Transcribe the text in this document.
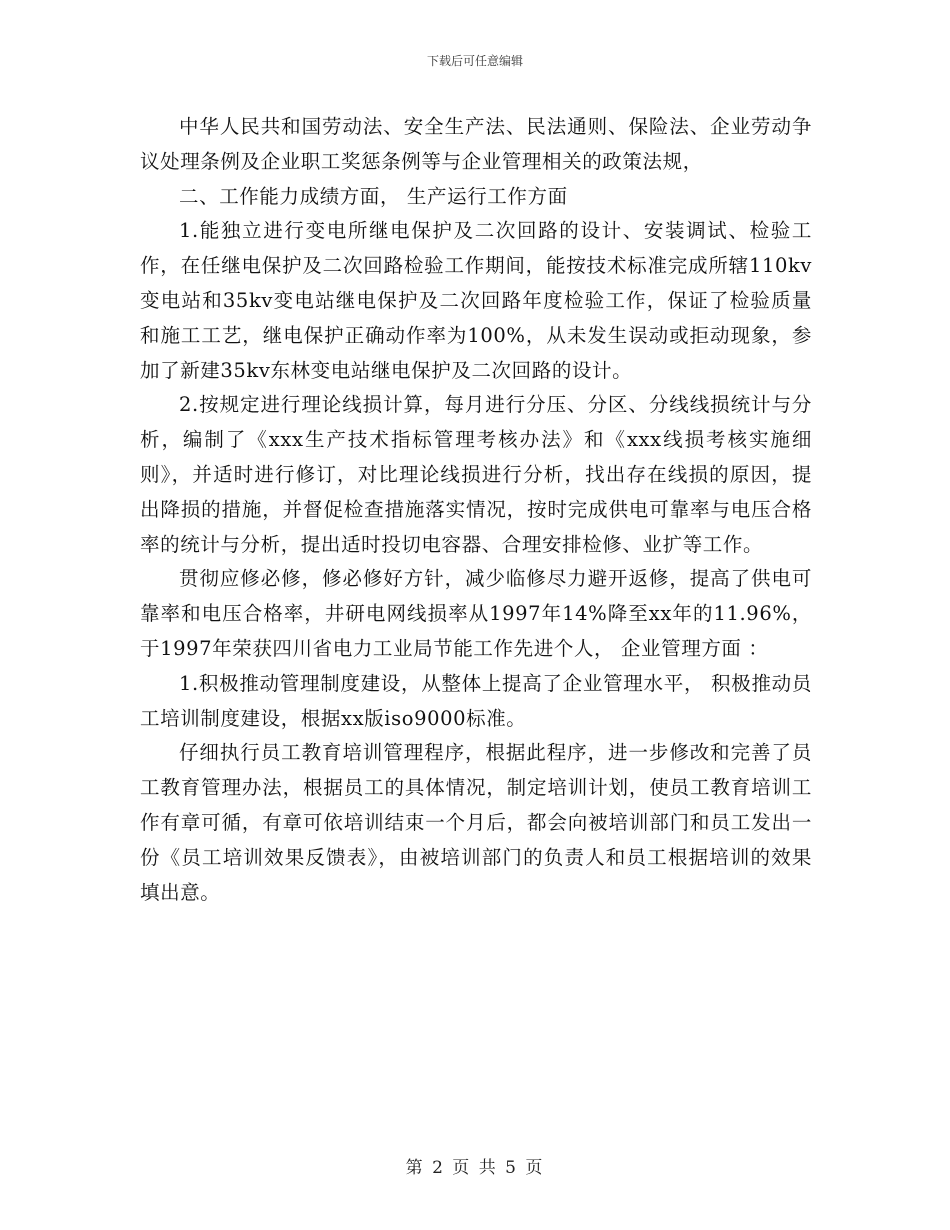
下载后可任意编辑

中华人民共和国劳动法、安全生产法、民法通则、保险法、企业劳动争议处理条例及企业职工奖惩条例等与企业管理相关的政策法规，

二、工作能力成绩方面， 生产运行工作方面

1.能独立进行变电所继电保护及二次回路的设计、安装调试、检验工作，在任继电保护及二次回路检验工作期间，能按技术标准完成所辖110kv变电站和35kv变电站继电保护及二次回路年度检验工作，保证了检验质量和施工工艺，继电保护正确动作率为100%，从未发生误动或拒动现象，参加了新建35kv东林变电站继电保护及二次回路的设计。

2.按规定进行理论线损计算，每月进行分压、分区、分线线损统计与分析，编制了《xxx生产技术指标管理考核办法》和《xxx线损考核实施细则》，并适时进行修订，对比理论线损进行分析，找出存在线损的原因，提出降损的措施，并督促检查措施落实情况，按时完成供电可靠率与电压合格率的统计与分析，提出适时投切电容器、合理安排检修、业扩等工作。

贯彻应修必修，修必修好方针，减少临修尽力避开返修，提高了供电可靠率和电压合格率，井研电网线损率从1997年14%降至xx年的11.96%，于1997年荣获四川省电力工业局节能工作先进个人， 企业管理方面 ：

1.积极推动管理制度建设，从整体上提高了企业管理水平， 积极推动员工培训制度建设，根据xx版iso9000标准。

仔细执行员工教育培训管理程序，根据此程序，进一步修改和完善了员工教育管理办法，根据员工的具体情况，制定培训计划，使员工教育培训工作有章可循，有章可依培训结束一个月后，都会向被培训部门和员工发出一份《员工培训效果反馈表》，由被培训部门的负责人和员工根据培训的效果填出意。

第 2 页 共 5 页
